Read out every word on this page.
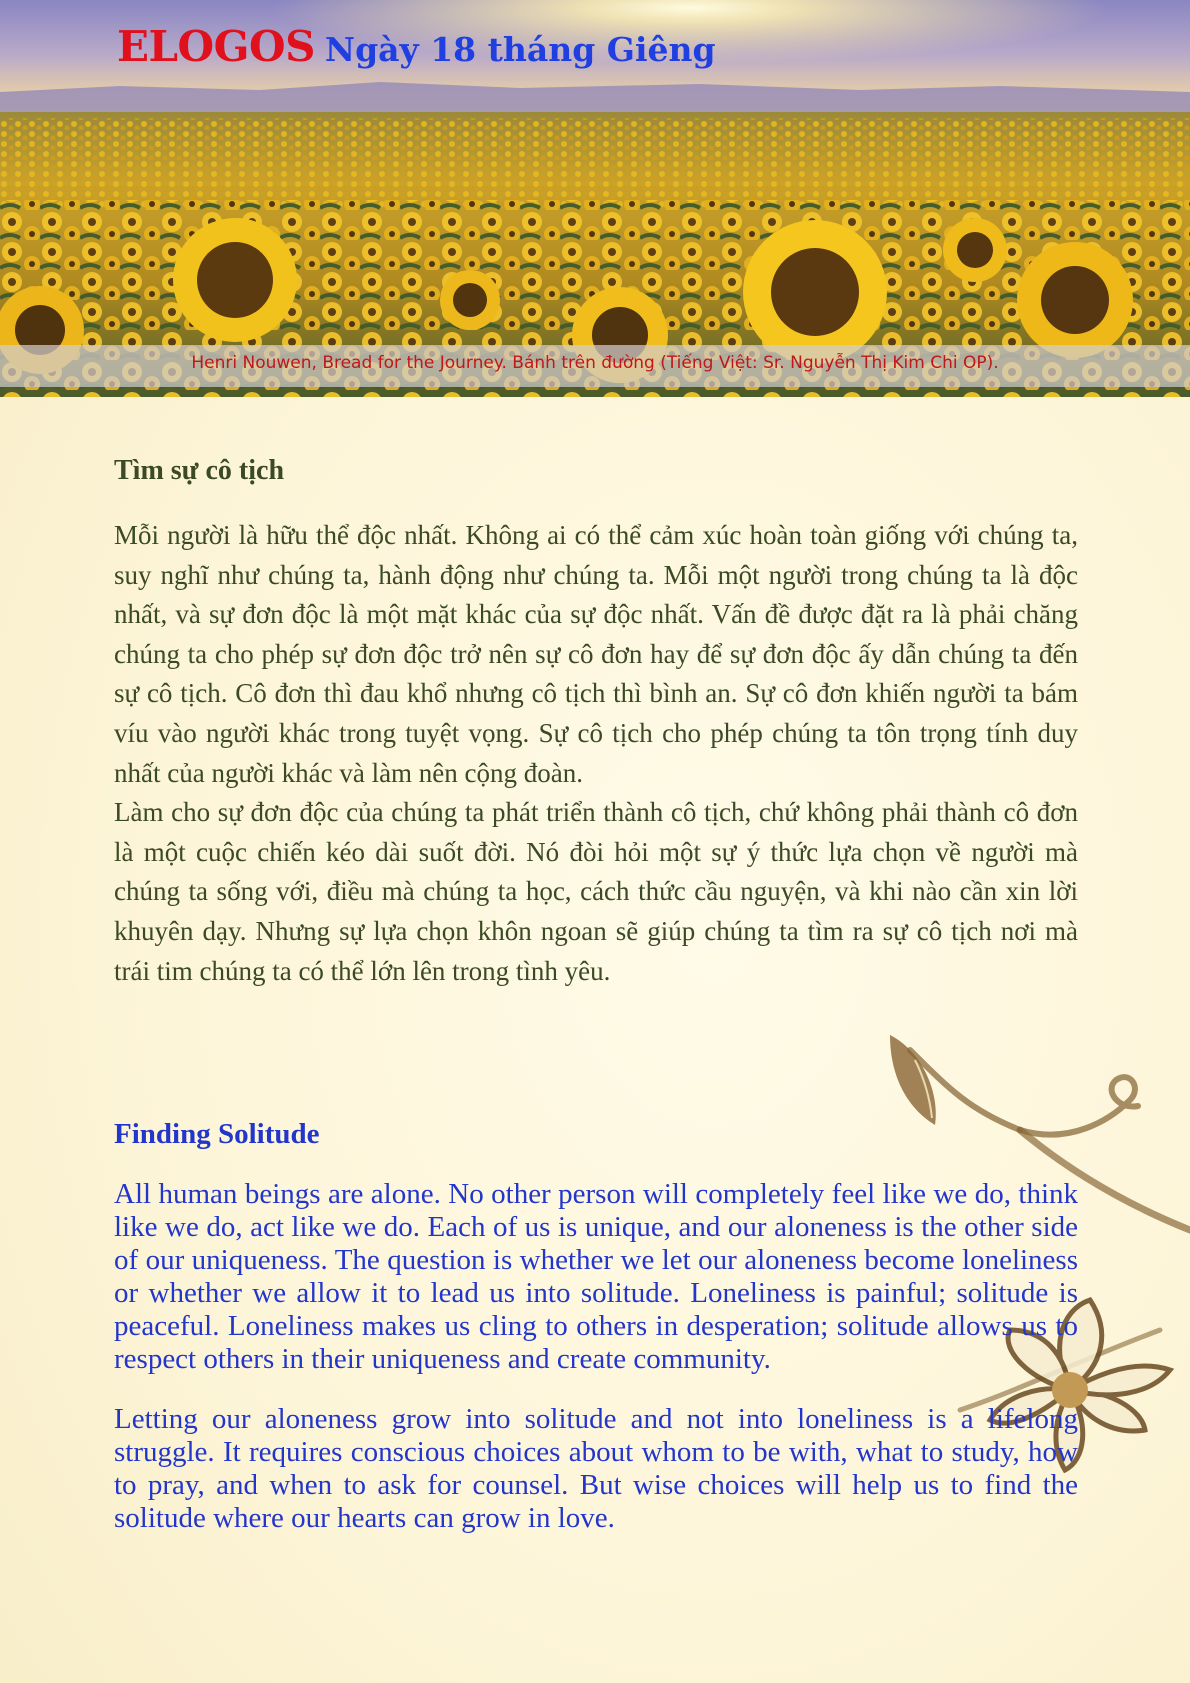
ELOGOS Ngày 18 tháng Giêng
Henri Nouwen, Bread for the Journey. Bánh trên đường (Tiếng Việt: Sr. Nguyễn Thị Kim Chi OP).
Tìm sự cô tịch

Mỗi người là hữu thể độc nhất. Không ai có thể cảm xúc hoàn toàn giống với chúng ta, suy nghĩ như chúng ta, hành động như chúng ta. Mỗi một người trong chúng ta là độc nhất, và sự đơn độc là một mặt khác của sự độc nhất. Vấn đề được đặt ra là phải chăng chúng ta cho phép sự đơn độc trở nên sự cô đơn hay để sự đơn độc ấy dẫn chúng ta đến sự cô tịch. Cô đơn thì đau khổ nhưng cô tịch thì bình an. Sự cô đơn khiến người ta bám víu vào người khác trong tuyệt vọng. Sự cô tịch cho phép chúng ta tôn trọng tính duy nhất của người khác và làm nên cộng đoàn.

Làm cho sự đơn độc của chúng ta phát triển thành cô tịch, chứ không phải thành cô đơn là một cuộc chiến kéo dài suốt đời. Nó đòi hỏi một sự ý thức lựa chọn về người mà chúng ta sống với, điều mà chúng ta học, cách thức cầu nguyện, và khi nào cần xin lời khuyên dạy. Nhưng sự lựa chọn khôn ngoan sẽ giúp chúng ta tìm ra sự cô tịch nơi mà trái tim chúng ta có thể lớn lên trong tình yêu.

Finding Solitude

All human beings are alone. No other person will completely feel like we do, think like we do, act like we do. Each of us is unique, and our aloneness is the other side of our uniqueness. The question is whether we let our aloneness become loneliness or whether we allow it to lead us into solitude. Loneliness is painful; solitude is peaceful. Loneliness makes us cling to others in desperation; solitude allows us to respect others in their uniqueness and create community.

Letting our aloneness grow into solitude and not into loneliness is a lifelong struggle. It requires conscious choices about whom to be with, what to study, how to pray, and when to ask for counsel. But wise choices will help us to find the solitude where our hearts can grow in love.
